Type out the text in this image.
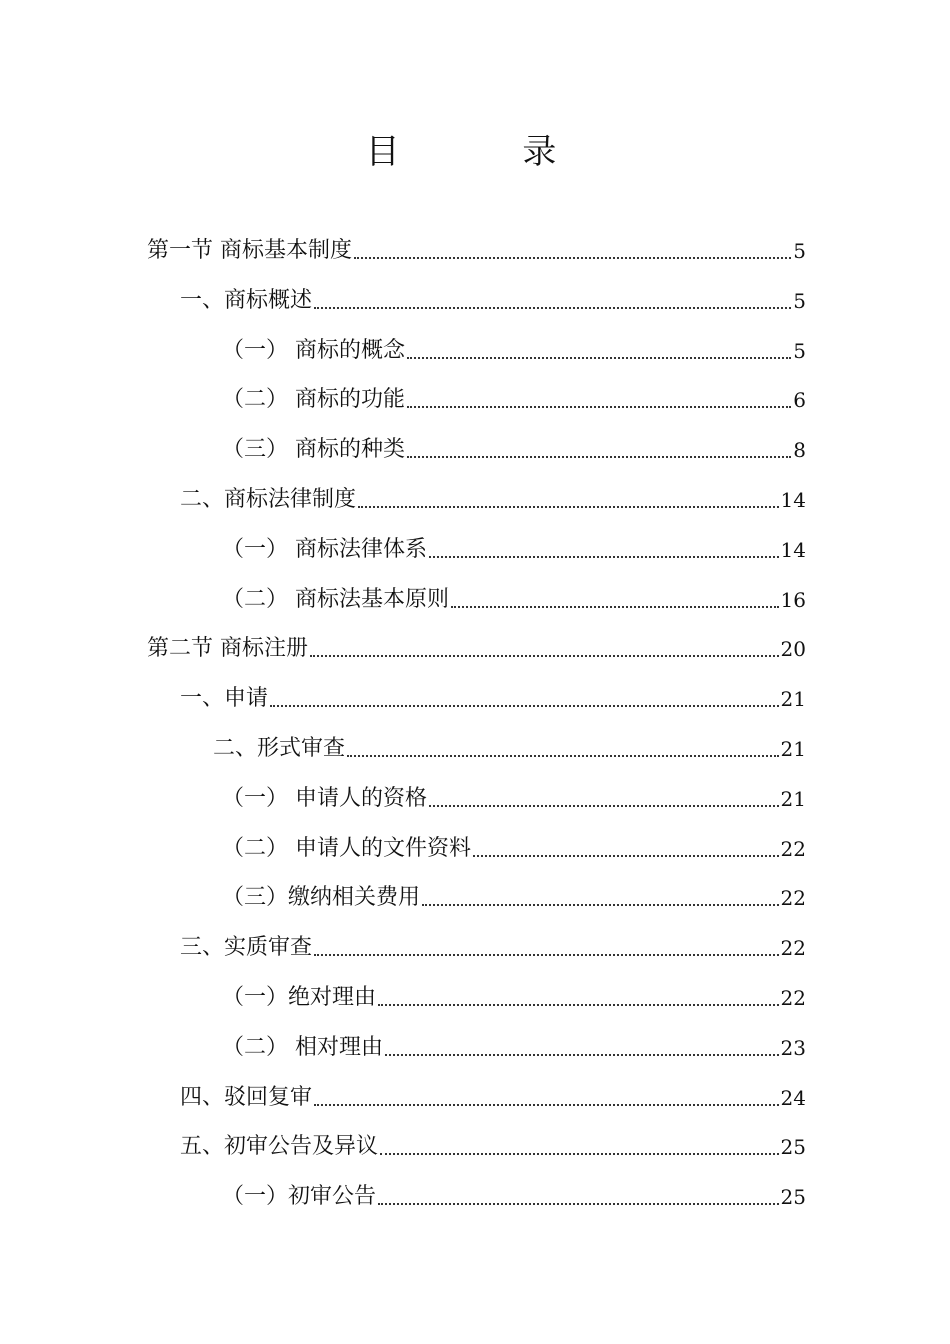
目 录
第一节 商标基本制度	5
一、商标概述	5
（一） 商标的概念	5
（二） 商标的功能	6
（三） 商标的种类	8
二、商标法律制度	14
（一） 商标法律体系	14
（二） 商标法基本原则	16
第二节 商标注册	20
一、申请	21
二、形式审查	21
（一） 申请人的资格	21
（二） 申请人的文件资料	22
（三）缴纳相关费用	22
三、实质审查	22
（一）绝对理由	22
（二） 相对理由	23
四、驳回复审	24
五、初审公告及异议	25
（一）初审公告	25
